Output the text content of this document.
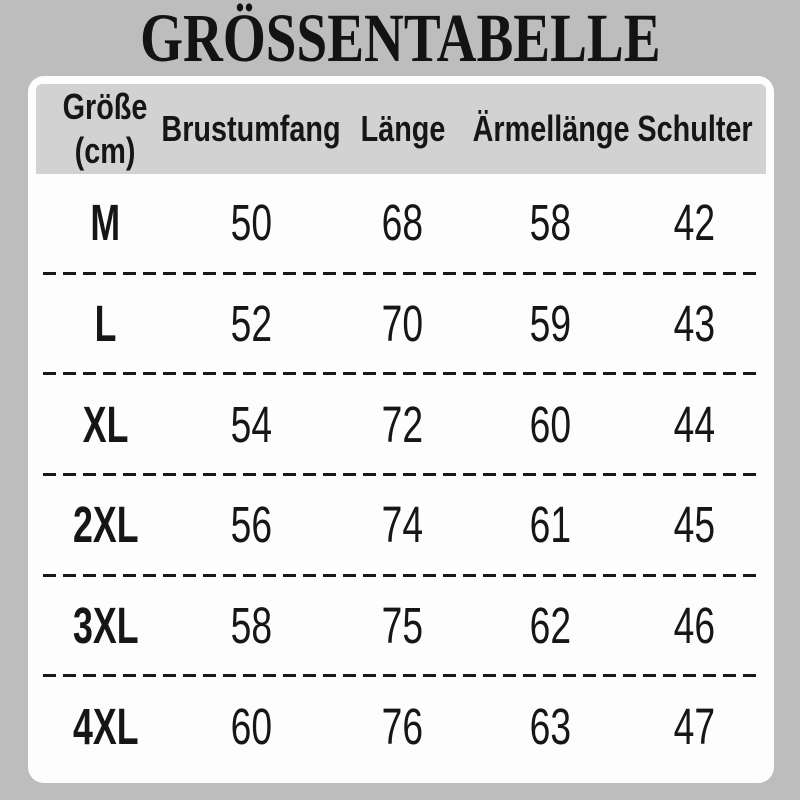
GRÖSSENTABELLE
Größe
(cm)
Brustumfang Länge Ärmellänge Schulter
M 50 68 58 42
L 52 70 59 43
XL 54 72 60 44
2XL 56 74 61 45
3XL 58 75 62 46
4XL 60 76 63 47
